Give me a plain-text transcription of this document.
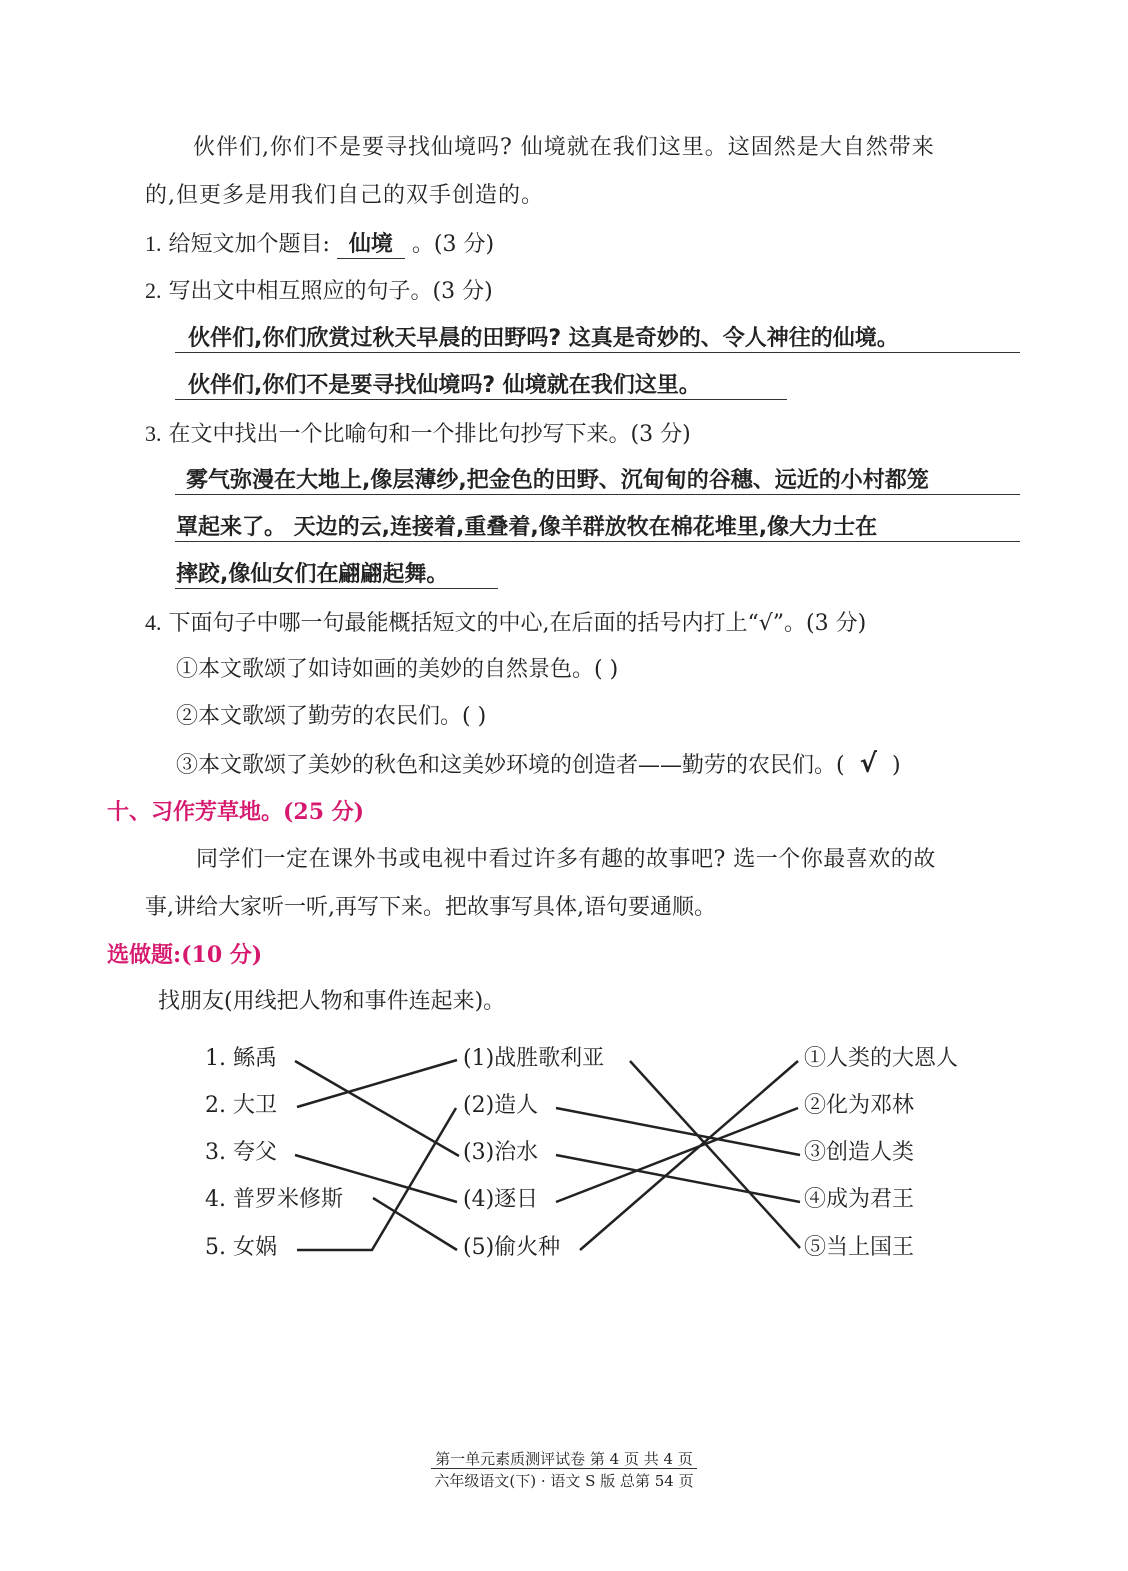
伙伴们,你们不是要寻找仙境吗? 仙境就在我们这里。这固然是大自然带来
的,但更多是用我们自己的双手创造的。
1. 给短文加个题目: 仙境 。(3 分)
2. 写出文中相互照应的句子。(3 分)
伙伴们,你们欣赏过秋天早晨的田野吗? 这真是奇妙的、令人神往的仙境。
伙伴们,你们不是要寻找仙境吗? 仙境就在我们这里。
3. 在文中找出一个比喻句和一个排比句抄写下来。(3 分)
雾气弥漫在大地上,像层薄纱,把金色的田野、沉甸甸的谷穗、远近的小村都笼
罩起来了。 天边的云,连接着,重叠着,像羊群放牧在棉花堆里,像大力士在
摔跤,像仙女们在翩翩起舞。
4. 下面句子中哪一句最能概括短文的中心,在后面的括号内打上“√”。(3 分)
①本文歌颂了如诗如画的美妙的自然景色。( )
②本文歌颂了勤劳的农民们。( )
③本文歌颂了美妙的秋色和这美妙环境的创造者——勤劳的农民们。( √ )
十、习作芳草地。(25 分)
同学们一定在课外书或电视中看过许多有趣的故事吧? 选一个你最喜欢的故
事,讲给大家听一听,再写下来。把故事写具体,语句要通顺。
选做题:(10 分)
找朋友(用线把人物和事件连起来)。
1. 鲧禹
2. 大卫
3. 夸父
4. 普罗米修斯
5. 女娲
(1)战胜歌利亚
(2)造人
(3)治水
(4)逐日
(5)偷火种
①人类的大恩人
②化为邓林
③创造人类
④成为君王
⑤当上国王
第一单元素质测评试卷 第 4 页 共 4 页
六年级语文(下) · 语文 S 版 总第 54 页
